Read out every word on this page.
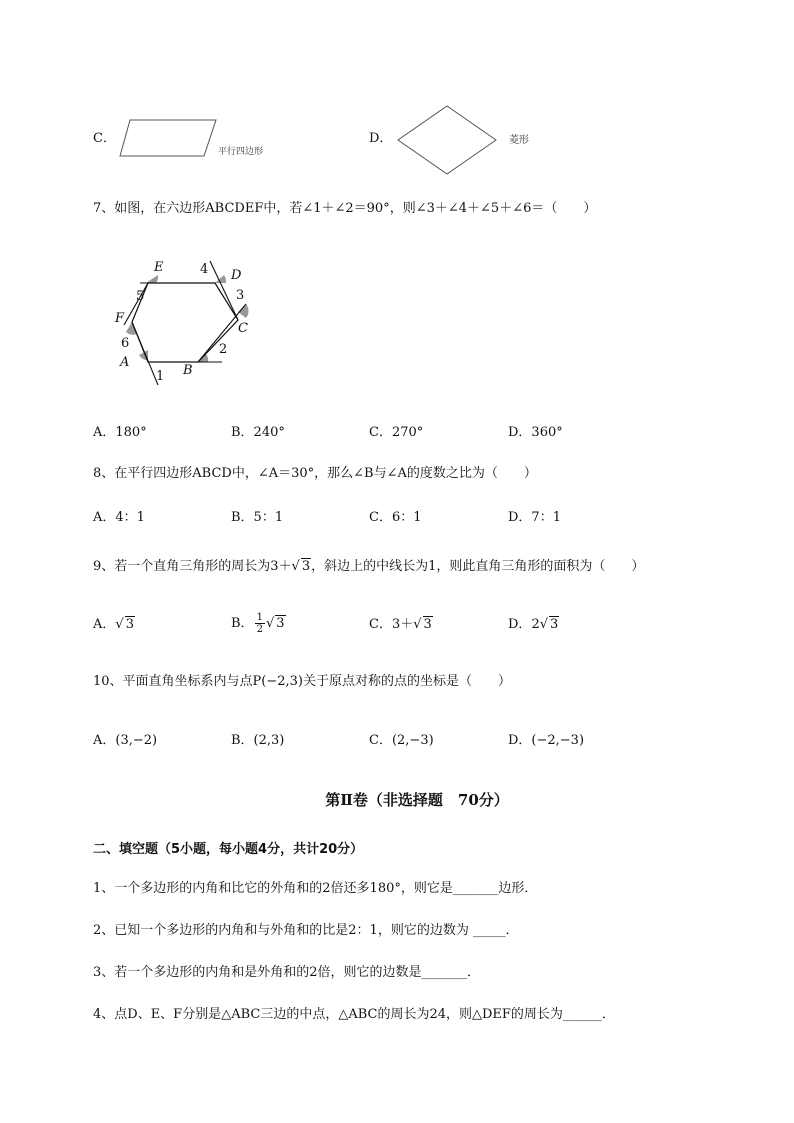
C．
平行四边形
D．	菱形
7、如图，在六边形ABCDEF中，若∠1＋∠2＝90°，则∠3＋∠4＋∠5＋∠6＝（　　）
E	4 D
3
5
C
F
6	2
A
B
1
A．180°	B．240°	C．270°	D．360°
8、在平行四边形ABCD中，∠A＝30°，那么∠B与∠A的度数之比为（　　）
A．4：1	B．5：1	C．6：1	D．7：1
9、若一个直角三角形的周长为3＋√ 3，斜边上的中线长为1，则此直角三角形的面积为（　　）
A．√ 3	B． $\frac{1}{2}$ √ 3	C．3＋√ 3	D．2√ 3
10、平面直角坐标系内与点P(−2,3)关于原点对称的点的坐标是（　　）
A．(3,−2)	B．(2,3)	C．(2,−3)	D．(−2,−3)
第Ⅱ卷（非选择题　70分）
二、填空题（5小题，每小题4分，共计20分）
1、一个多边形的内角和比它的外角和的2倍还多180°，则它是_______边形．
2、已知一个多边形的内角和与外角和的比是2：1，则它的边数为 _____．
3、若一个多边形的内角和是外角和的2倍，则它的边数是_______．
4、点D、E、F分别是△ABC三边的中点，△ABC的周长为24，则△DEF的周长为______．
